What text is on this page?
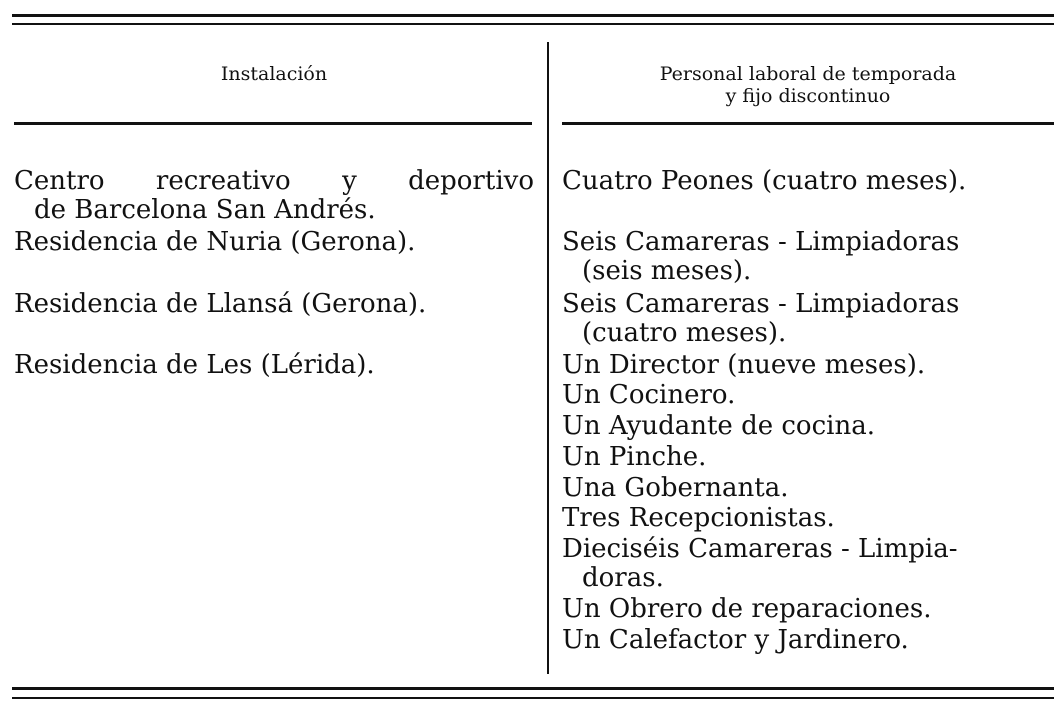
Instalación	Personal laboral de temporada
y fijo discontinuo
Centro recreativo y deportivo
de Barcelona San Andrés.
Residencia de Nuria (Gerona).
Residencia de Llansá (Gerona).
Residencia de Les (Lérida).
Cuatro Peones (cuatro meses).
Seis Camareras - Limpiadoras
(seis meses).
Seis Camareras - Limpiadoras
(cuatro meses).
Un Director (nueve meses).
Un Cocinero.
Un Ayudante de cocina.
Un Pinche.
Una Gobernanta.
Tres Recepcionistas.
Dieciséis Camareras - Limpia-
doras.
Un Obrero de reparaciones.
Un Calefactor y Jardinero.
